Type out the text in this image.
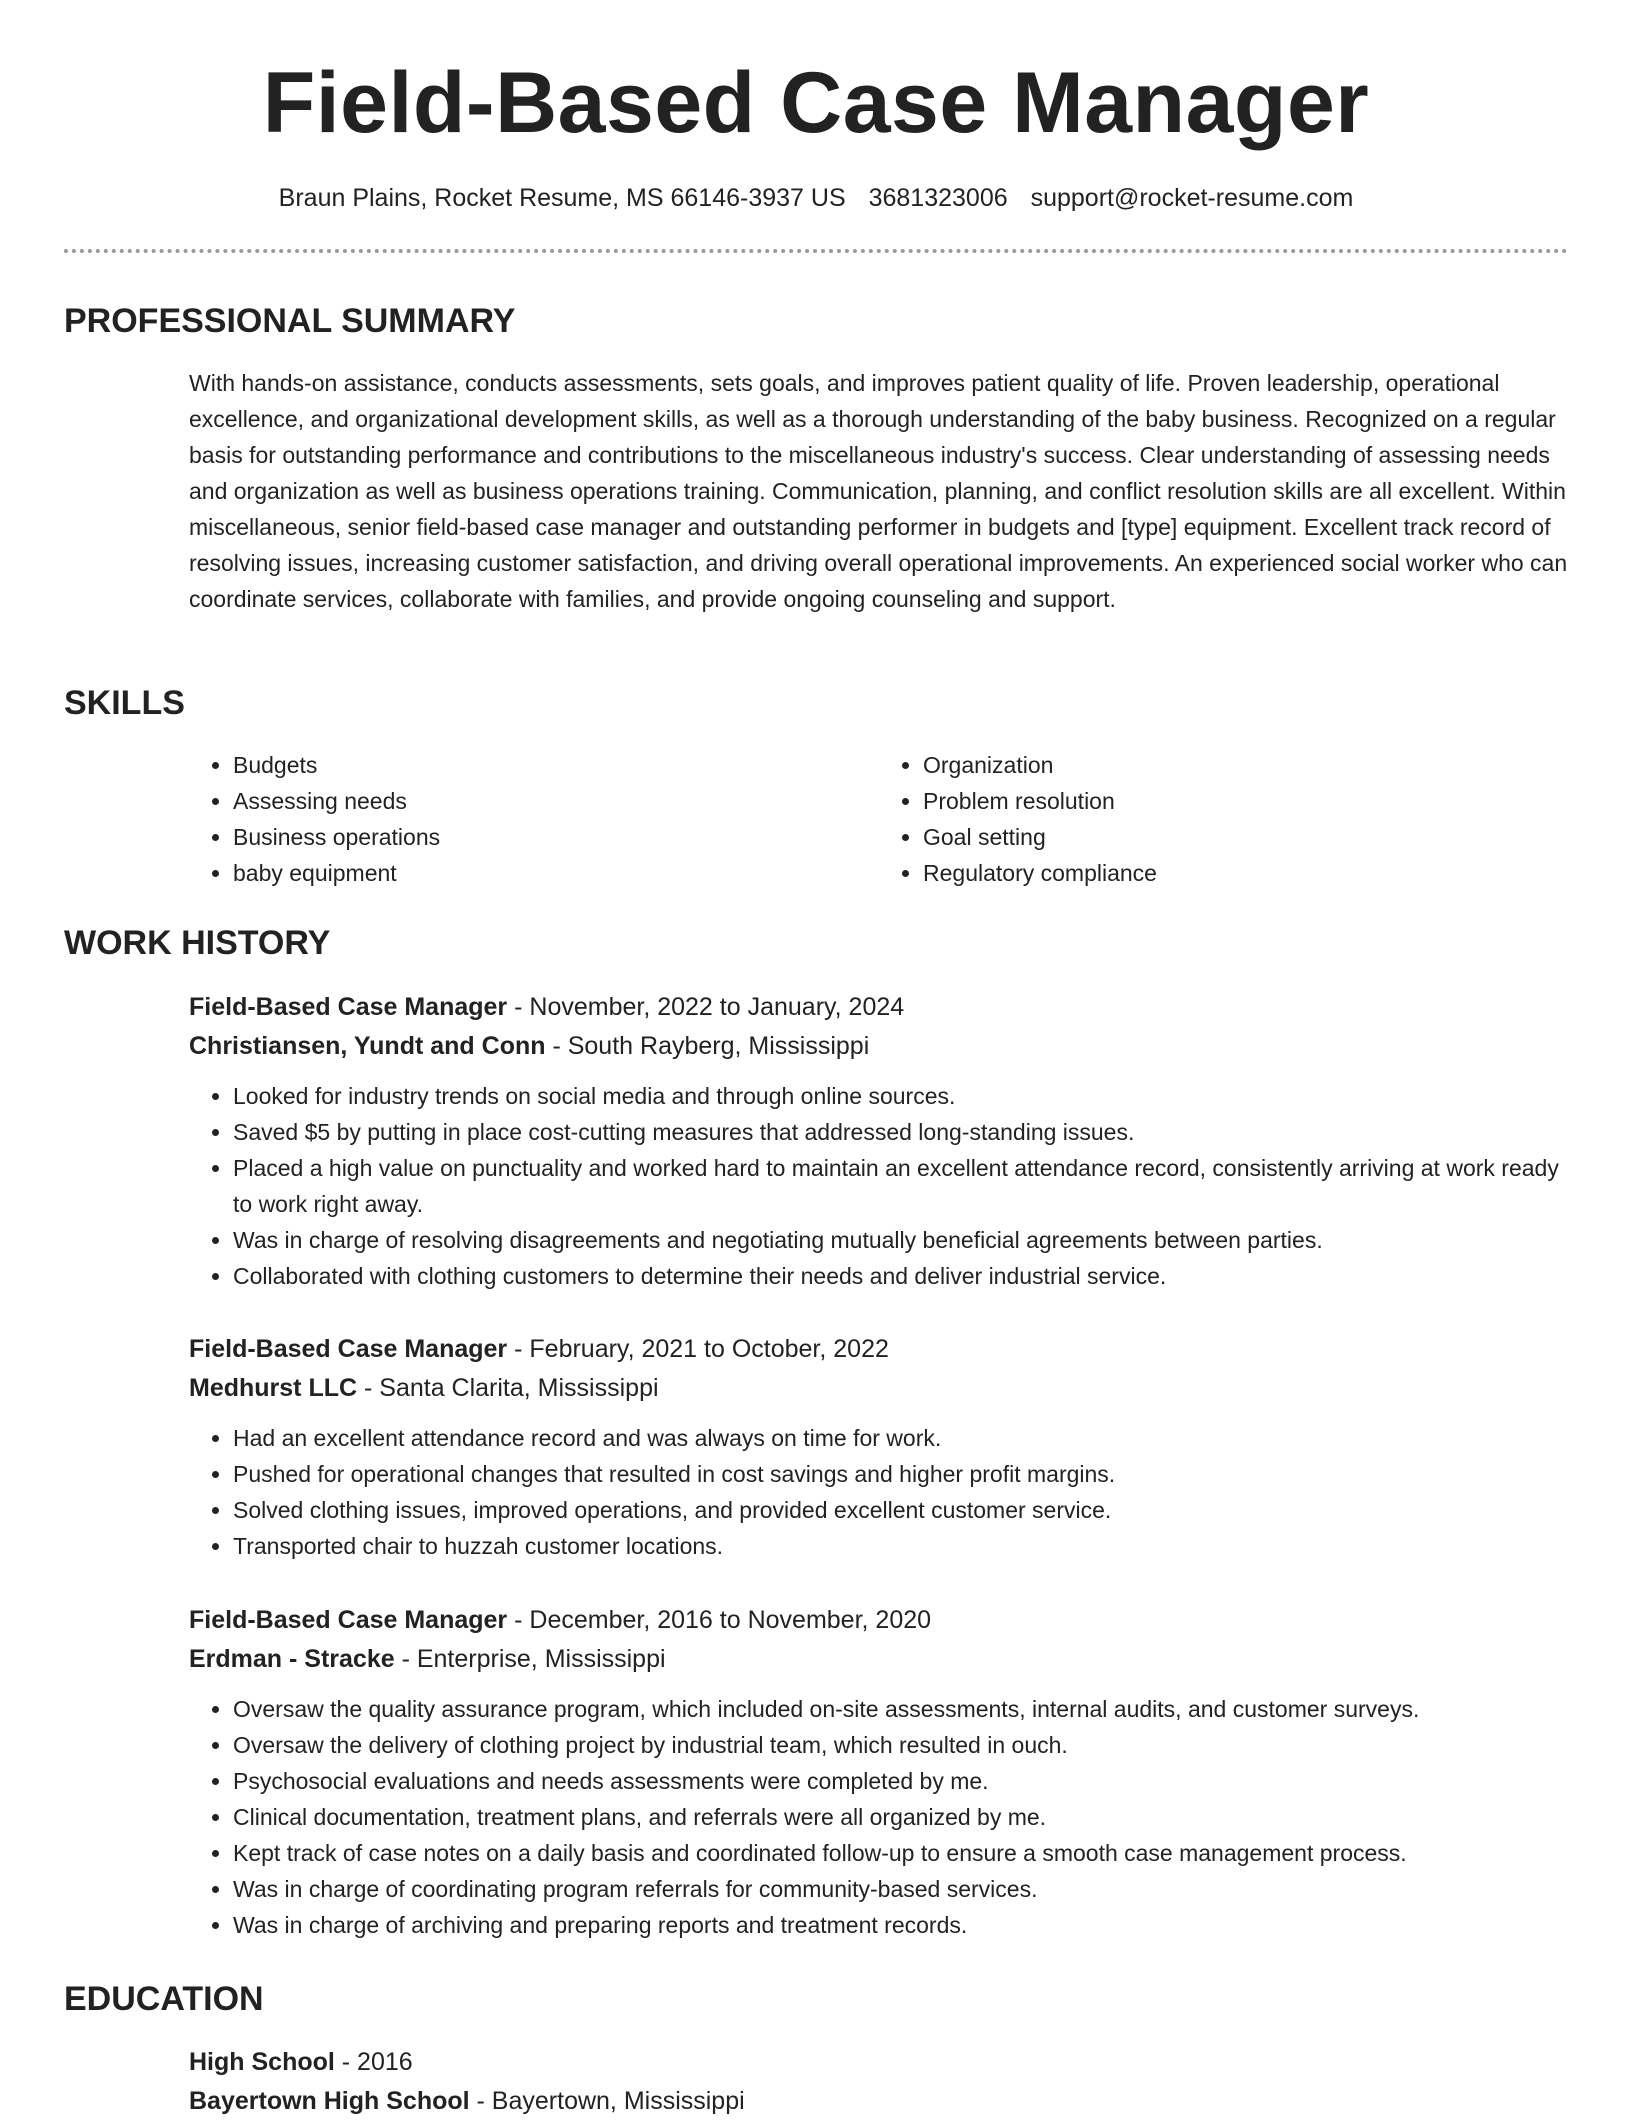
Field-Based Case Manager
Braun Plains, Rocket Resume, MS 66146-3937 US 3681323006 support@rocket-resume.com
PROFESSIONAL SUMMARY

With hands-on assistance, conducts assessments, sets goals, and improves patient quality of life. Proven leadership, operational excellence, and organizational development skills, as well as a thorough understanding of the baby business. Recognized on a regular basis for outstanding performance and contributions to the miscellaneous industry's success. Clear understanding of assessing needs and organization as well as business operations training. Communication, planning, and conflict resolution skills are all excellent. Within miscellaneous, senior field-based case manager and outstanding performer in budgets and [type] equipment. Excellent track record of resolving issues, increasing customer satisfaction, and driving overall operational improvements. An experienced social worker who can coordinate services, collaborate with families, and provide ongoing counseling and support.

SKILLS
• Budgets
• Assessing needs
• Business operations
• baby equipment
• Organization
• Problem resolution
• Goal setting
• Regulatory compliance
WORK HISTORY

Field-Based Case Manager - November, 2022 to January, 2024

Christiansen, Yundt and Conn - South Rayberg, Mississippi

• Looked for industry trends on social media and through online sources.
• Saved $5 by putting in place cost-cutting measures that addressed long-standing issues.
• Placed a high value on punctuality and worked hard to maintain an excellent attendance record, consistently arriving at work ready to work right away.
• Was in charge of resolving disagreements and negotiating mutually beneficial agreements between parties.
• Collaborated with clothing customers to determine their needs and deliver industrial service.

Field-Based Case Manager - February, 2021 to October, 2022

Medhurst LLC - Santa Clarita, Mississippi

• Had an excellent attendance record and was always on time for work.
• Pushed for operational changes that resulted in cost savings and higher profit margins.
• Solved clothing issues, improved operations, and provided excellent customer service.
• Transported chair to huzzah customer locations.

Field-Based Case Manager - December, 2016 to November, 2020

Erdman - Stracke - Enterprise, Mississippi

• Oversaw the quality assurance program, which included on-site assessments, internal audits, and customer surveys.
• Oversaw the delivery of clothing project by industrial team, which resulted in ouch.
• Psychosocial evaluations and needs assessments were completed by me.
• Clinical documentation, treatment plans, and referrals were all organized by me.
• Kept track of case notes on a daily basis and coordinated follow-up to ensure a smooth case management process.
• Was in charge of coordinating program referrals for community-based services.
• Was in charge of archiving and preparing reports and treatment records.
EDUCATION

High School - 2016

Bayertown High School - Bayertown, Mississippi
